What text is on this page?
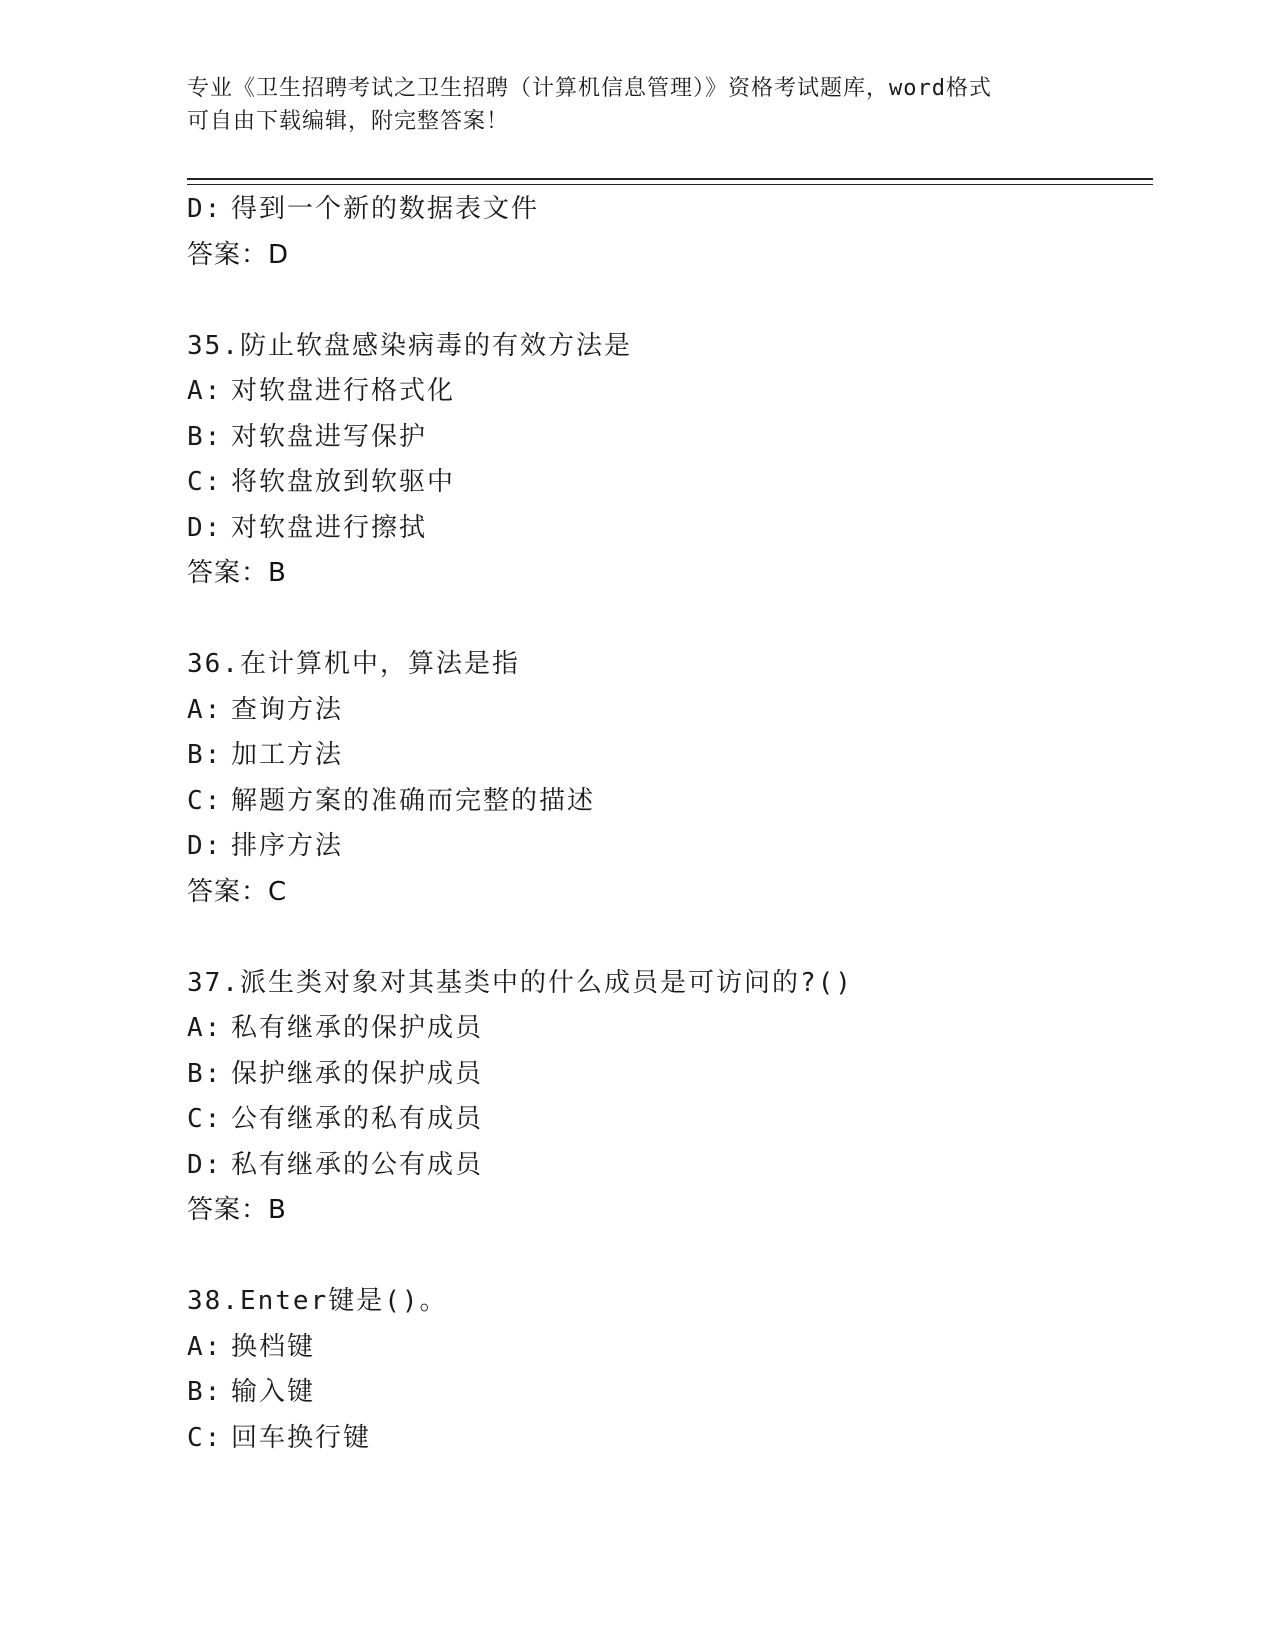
专业《卫生招聘考试之卫生招聘（计算机信息管理）》资格考试题库，word格式
可自由下载编辑，附完整答案！
D: 得到一个新的数据表文件
答案：D
35.防止软盘感染病毒的有效方法是
A: 对软盘进行格式化
B: 对软盘进写保护
C: 将软盘放到软驱中
D: 对软盘进行擦拭
答案：B
36.在计算机中，算法是指
A: 查询方法
B: 加工方法
C: 解题方案的准确而完整的描述
D: 排序方法
答案：C
37.派生类对象对其基类中的什么成员是可访问的?()
A: 私有继承的保护成员
B: 保护继承的保护成员
C: 公有继承的私有成员
D: 私有继承的公有成员
答案：B
38.Enter键是()。
A: 换档键
B: 输入键
C: 回车换行键
